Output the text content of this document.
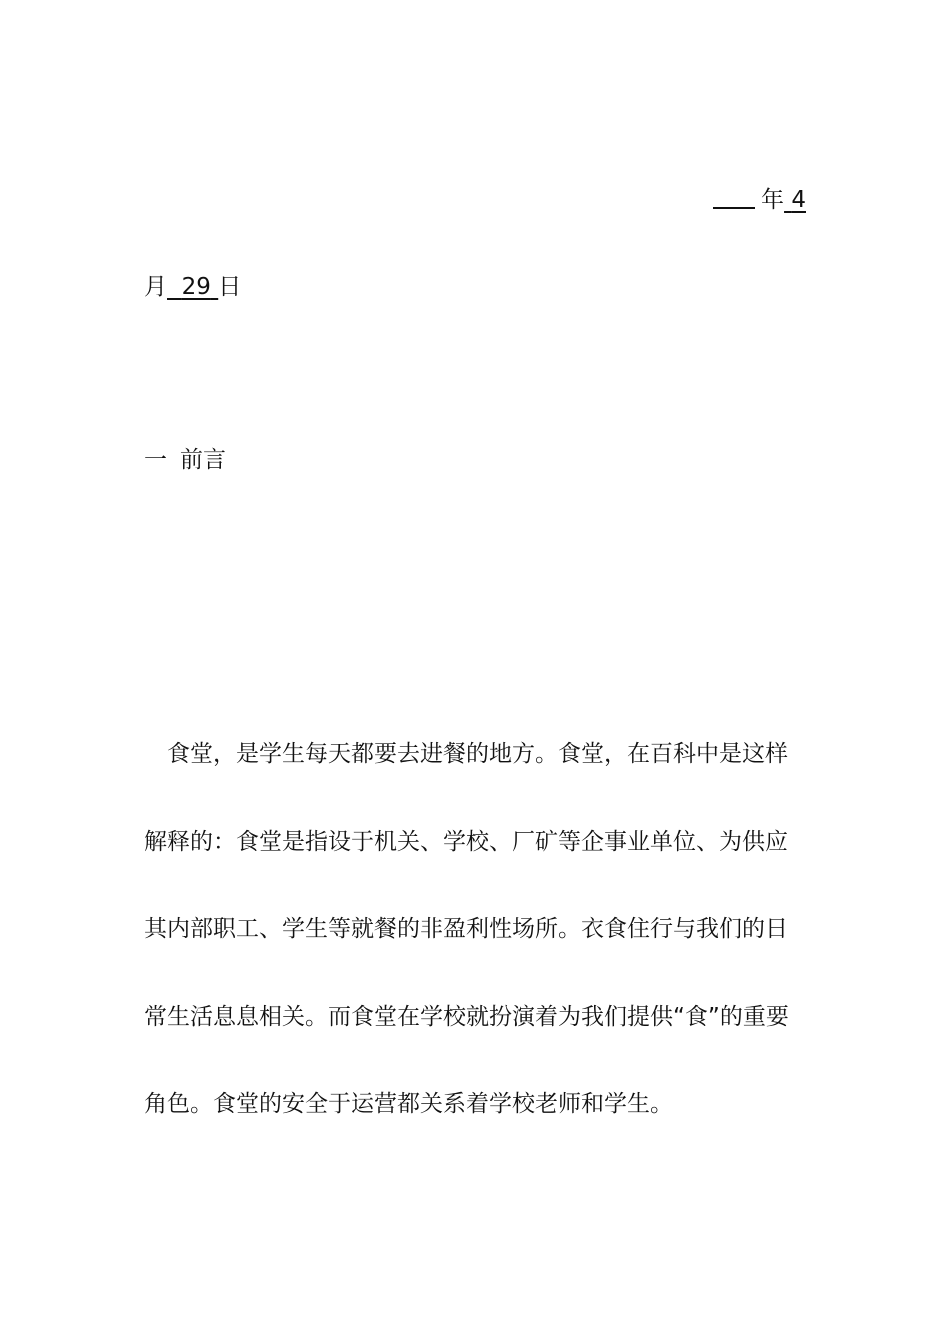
年 4
月 29 日
一 前言
　食堂，是学生每天都要去进餐的地方。食堂，在百科中是这样
解释的：食堂是指设于机关、学校、厂矿等企事业单位、为供应
其内部职工、学生等就餐的非盈利性场所。衣食住行与我们的日
常生活息息相关。而食堂在学校就扮演着为我们提供“食”的重要
角色。食堂的安全于运营都关系着学校老师和学生。
